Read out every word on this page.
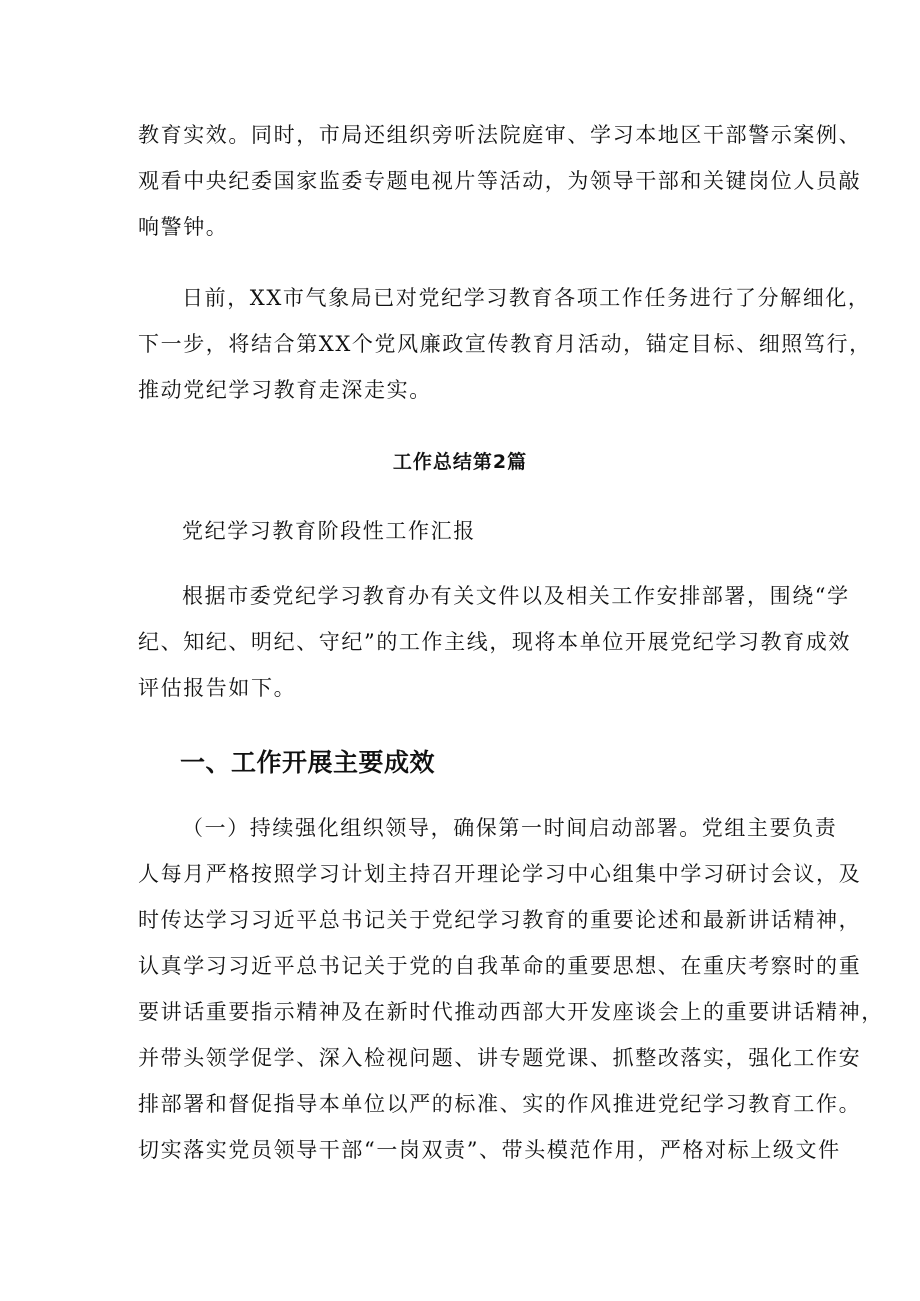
教育实效。同时，市局还组织旁听法院庭审、学习本地区干部警示案例、
观看中央纪委国家监委专题电视片等活动，为领导干部和关键岗位人员敲
响警钟。
日前，XX市气象局已对党纪学习教育各项工作任务进行了分解细化，
下一步，将结合第XX个党风廉政宣传教育月活动，锚定目标、细照笃行，
推动党纪学习教育走深走实。
工作总结第2篇
党纪学习教育阶段性工作汇报
根据市委党纪学习教育办有关文件以及相关工作安排部署，围绕“学
纪、知纪、明纪、守纪”的工作主线，现将本单位开展党纪学习教育成效
评估报告如下。
一、工作开展主要成效
（一）持续强化组织领导，确保第一时间启动部署。党组主要负责
人每月严格按照学习计划主持召开理论学习中心组集中学习研讨会议，及
时传达学习习近平总书记关于党纪学习教育的重要论述和最新讲话精神，
认真学习习近平总书记关于党的自我革命的重要思想、在重庆考察时的重
要讲话重要指示精神及在新时代推动西部大开发座谈会上的重要讲话精神，
并带头领学促学、深入检视问题、讲专题党课、抓整改落实，强化工作安
排部署和督促指导本单位以严的标准、实的作风推进党纪学习教育工作。
切实落实党员领导干部“一岗双责”、带头模范作用，严格对标上级文件
